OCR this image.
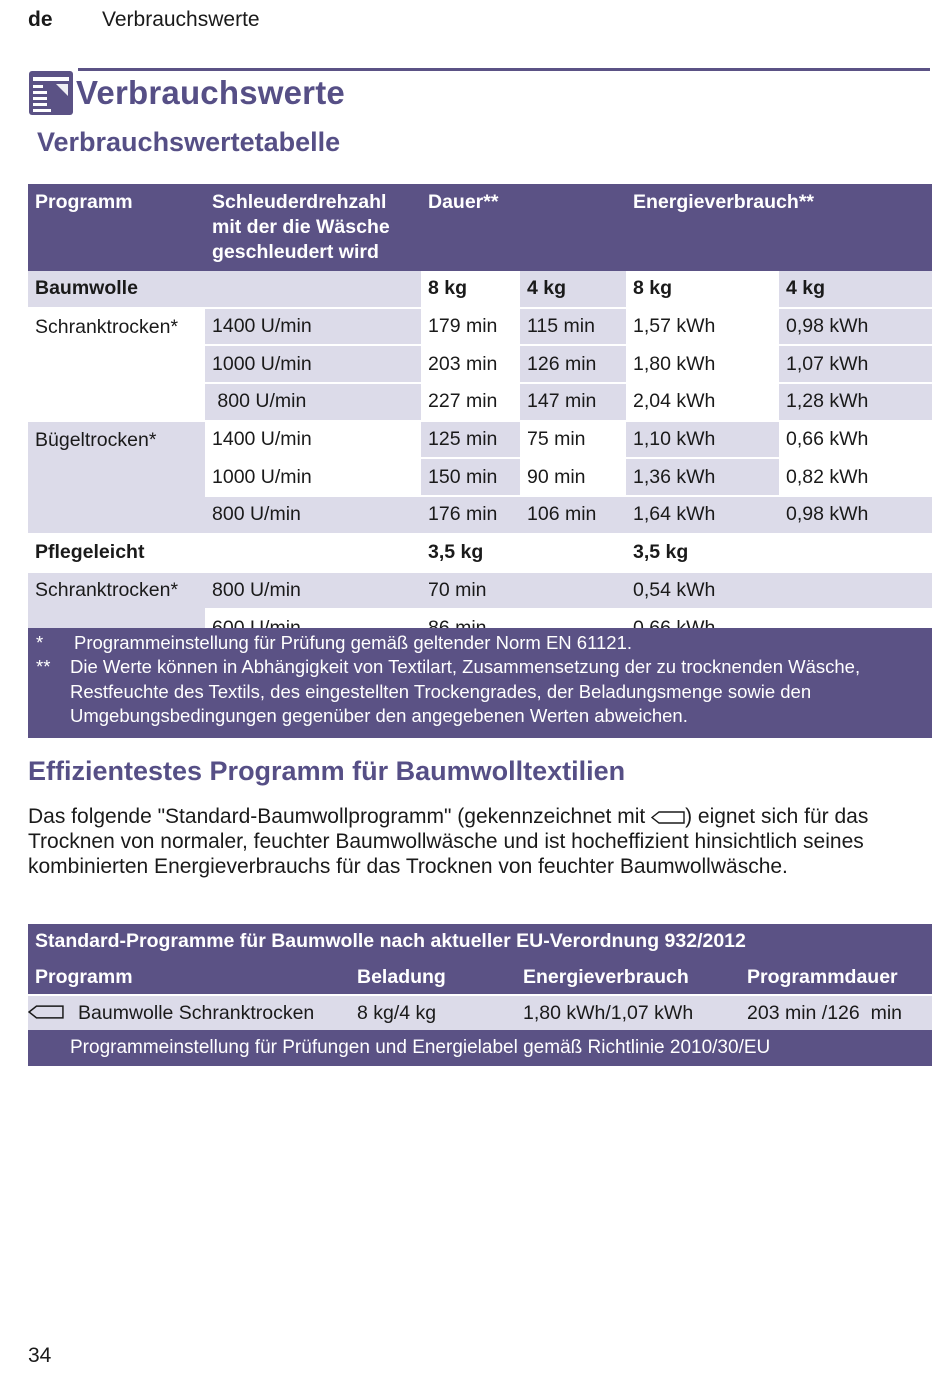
de Verbrauchswerte
Verbrauchswerte
Verbrauchswertetabelle
Programm	Schleuderdrehzahl mit der die Wäsche geschleudert wird	Dauer**		Energieverbrauch**	
Baumwolle		8 kg	4 kg	8 kg	4 kg
Schranktrocken*	1400 U/min	179 min	115 min	1,57 kWh	0,98 kWh
	1000 U/min	203 min	126 min	1,80 kWh	1,07 kWh
	800 U/min	227 min	147 min	2,04 kWh	1,28 kWh
Bügeltrocken*	1400 U/min	125 min	75 min	1,10 kWh	0,66 kWh
	1000 U/min	150 min	90 min	1,36 kWh	0,82 kWh
	800 U/min	176 min	106 min	1,64 kWh	0,98 kWh
Pflegeleicht		3,5 kg		3,5 kg	
Schranktrocken*	800 U/min	70 min		0,54 kWh	

* Programmeinstellung für Prüfung gemäß geltender Norm EN 61121.
** Die Werte können in Abhängigkeit von Textilart, Zusammensetzung der zu trocknenden Wäsche, Restfeuchte des Textils, des eingestellten Trockengrades, der Beladungsmenge sowie den Umgebungsbedingungen gegenüber den angegebenen Werten abweichen.
Effizientestes Programm für Baumwolltextilien
Das folgende "Standard-Baumwollprogramm" (gekennzeichnet mit ) eignet sich für das Trocknen von normaler, feuchter Baumwollwäsche und ist hocheffizient hinsichtlich seines kombinierten Energieverbrauchs für das Trocknen von feuchter Baumwollwäsche.
Standard-Programme für Baumwolle nach aktueller EU-Verordnung 932/2012
Programm	Beladung	Energieverbrauch	Programmdauer
Baumwolle Schranktrocken 8 kg/4 kg	1,80 kWh/1,07 kWh	203 min /126  min
Programmeinstellung für Prüfungen und Energielabel gemäß Richtlinie 2010/30/EU
34
